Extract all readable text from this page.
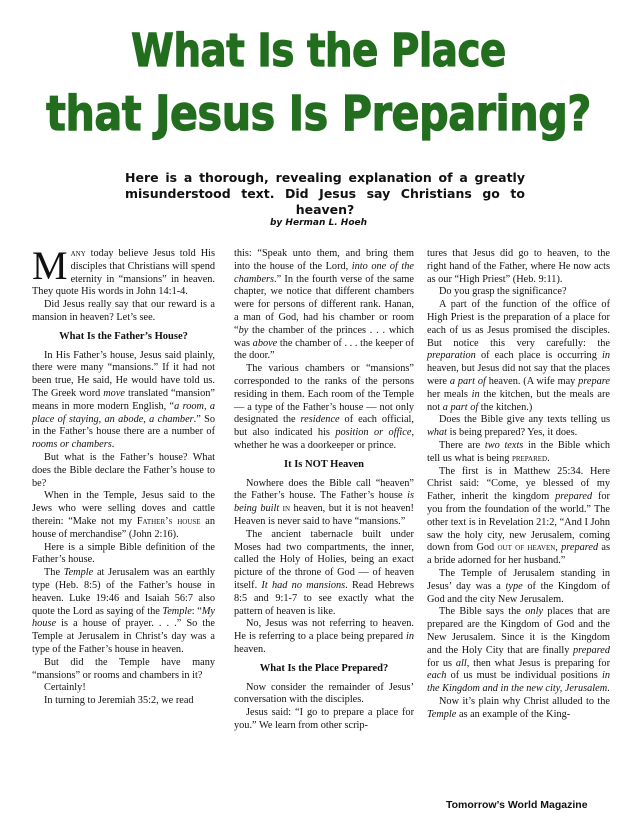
What Is the Place
that Jesus Is Preparing?

Here is a thorough, revealing explanation of a greatly misunderstood text. Did Jesus say Christians go to heaven?

by Herman L. Hoeh

Many today believe Jesus told His disciples that Christians will spend eternity in “mansions” in heaven. They quote His words in John 14:1-4.

Did Jesus really say that our reward is a mansion in heaven? Let’s see.

What Is the Father’s House?

In His Father’s house, Jesus said plainly, there were many “mansions.” If it had not been true, He said, He would have told us. The Greek word move translated “mansion” means in more modern English, “a room, a place of staying, an abode, a chamber.” So in the Father’s house there are a number of rooms or chambers.

But what is the Father’s house? What does the Bible declare the Father’s house to be?

When in the Temple, Jesus said to the Jews who were selling doves and cattle therein: “Make not my Father’s house an house of merchandise” (John 2:16).

Here is a simple Bible definition of the Father’s house.

The Temple at Jerusalem was an earthly type (Heb. 8:5) of the Father’s house in heaven. Luke 19:46 and Isaiah 56:7 also quote the Lord as saying of the Temple: “My house is a house of prayer. . . .” So the Temple at Jerusalem in Christ’s day was a type of the Father’s house in heaven.

But did the Temple have many “mansions” or rooms and chambers in it?

Certainly!

In turning to Jeremiah 35:2, we read

this: “Speak unto them, and bring them into the house of the Lord, into one of the chambers.” In the fourth verse of the same chapter, we notice that different chambers were for persons of different rank. Hanan, a man of God, had his chamber or room “by the chamber of the princes . . . which was above the chamber of . . . the keeper of the door.”

The various chambers or “mansions” corresponded to the ranks of the persons residing in them. Each room of the Temple — a type of the Father’s house — not only designated the residence of each official, but also indicated his position or office, whether he was a doorkeeper or prince.

It Is NOT Heaven

Nowhere does the Bible call “heaven” the Father’s house. The Father’s house is being built in heaven, but it is not heaven! Heaven is never said to have “mansions.”

The ancient tabernacle built under Moses had two compartments, the inner, called the Holy of Holies, being an exact picture of the throne of God — of heaven itself. It had no mansions. Read Hebrews 8:5 and 9:1-7 to see exactly what the pattern of heaven is like.

No, Jesus was not referring to heaven. He is referring to a place being prepared in heaven.

What Is the Place Prepared?

Now consider the remainder of Jesus’ conversation with the disciples.

Jesus said: “I go to prepare a place for you.” We learn from other scrip-

tures that Jesus did go to heaven, to the right hand of the Father, where He now acts as our “High Priest” (Heb. 9:11).

Do you grasp the significance?

A part of the function of the office of High Priest is the preparation of a place for each of us as Jesus promised the disciples. But notice this very carefully: the preparation of each place is occurring in heaven, but Jesus did not say that the places were a part of heaven. (A wife may prepare her meals in the kitchen, but the meals are not a part of the kitchen.)

Does the Bible give any texts telling us what is being prepared? Yes, it does.

There are two texts in the Bible which tell us what is being prepared.

The first is in Matthew 25:34. Here Christ said: “Come, ye blessed of my Father, inherit the kingdom prepared for you from the foundation of the world.” The other text is in Revelation 21:2, “And I John saw the holy city, new Jerusalem, coming down from God out of heaven, prepared as a bride adorned for her husband.”

The Temple of Jerusalem standing in Jesus’ day was a type of the Kingdom of God and the city New Jerusalem.

The Bible says the only places that are prepared are the Kingdom of God and the New Jerusalem. Since it is the Kingdom and the Holy City that are finally prepared for us all, then what Jesus is preparing for each of us must be individual positions in the Kingdom and in the new city, Jerusalem.

Now it’s plain why Christ alluded to the Temple as an example of the King-

Tomorrow’s World Magazine
